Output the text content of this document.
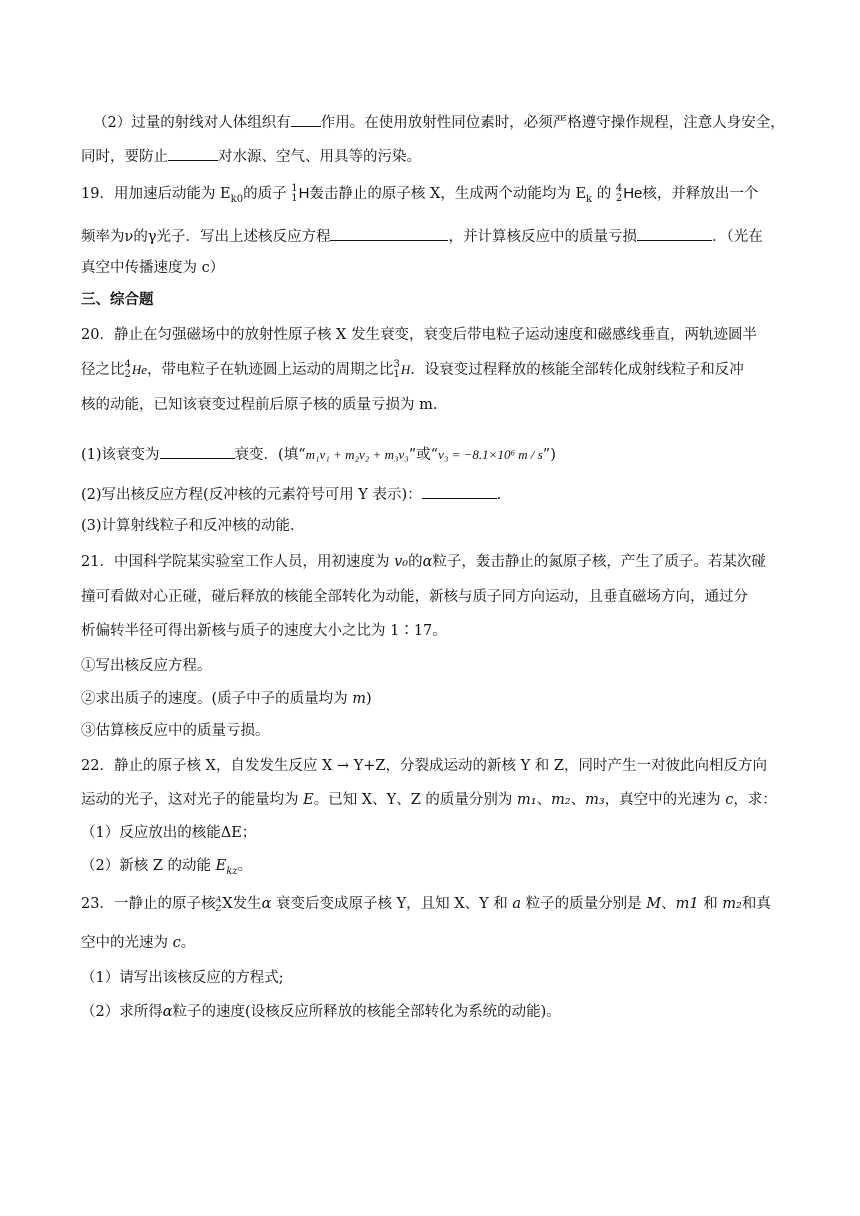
（2）过量的射线对人体组织有 作用。在使用放射性同位素时，必须严格遵守操作规程，注意人身安全，
同时，要防止	对水源、空气、用具等的污染。
19．用加速后动能为 $E_{k0}$的质子 1
1 H 轰击静止的原子核 X，生成两个动能均为 $E_k$ 的 4
2 He 核，并释放出一个
频率为ν的γ光子．写出上述核反应方程	，并计算核反应中的质量亏损	．（光在
真空中传播速度为 c）
三、综合题
20．静止在匀强磁场中的放射性原子核 X 发生衰变，衰变后带电粒子运动速度和磁感线垂直，两轨迹圆半
径之比 4
2 He ，带电粒子在轨迹圆上运动的周期之比 3
1 H ．设衰变过程释放的核能全部转化成射线粒子和反冲
核的动能，已知该衰变过程前后原子核的质量亏损为 m.
(1)该衰变为	衰变．(填“m₁v₁ + m₂v₂ + m₃v₃”或“v₃ = −8.1×10⁶ m / s”)
(2)写出核反应方程(反冲核的元素符号可用 Y 表示)：	.
(3)计算射线粒子和反冲核的动能．
21．中国科学院某实验室工作人员，用初速度为 v₀的α粒子，轰击静止的氮原子核，产生了质子。若某次碰
撞可看做对心正碰，碰后释放的核能全部转化为动能，新核与质子同方向运动，且垂直磁场方向，通过分
析偏转半径可得出新核与质子的速度大小之比为 1∶17。
①写出核反应方程。
②求出质子的速度。(质子中子的质量均为 m)
③估算核反应中的质量亏损。
22．静止的原子核 X，自发发生反应 X → Y+Z，分裂成运动的新核 Y 和 Z，同时产生一对彼此向相反方向
运动的光子，这对光子的能量均为 E。已知 X、Y、Z 的质量分别为 m₁、m₂、m₃，真空中的光速为 c，求：
（1）反应放出的核能ΔE；
（2）新核 Z 的动能 $E_{kz}$。
23．一静止的原子核 A
Z X 发生α 衰变后变成原子核 Y，且知 X、Y 和 a 粒子的质量分别是 M、m1 和 m₂和真
空中的光速为 c。
（1）请写出该核反应的方程式;
（2）求所得α粒子的速度(设核反应所释放的核能全部转化为系统的动能)。
